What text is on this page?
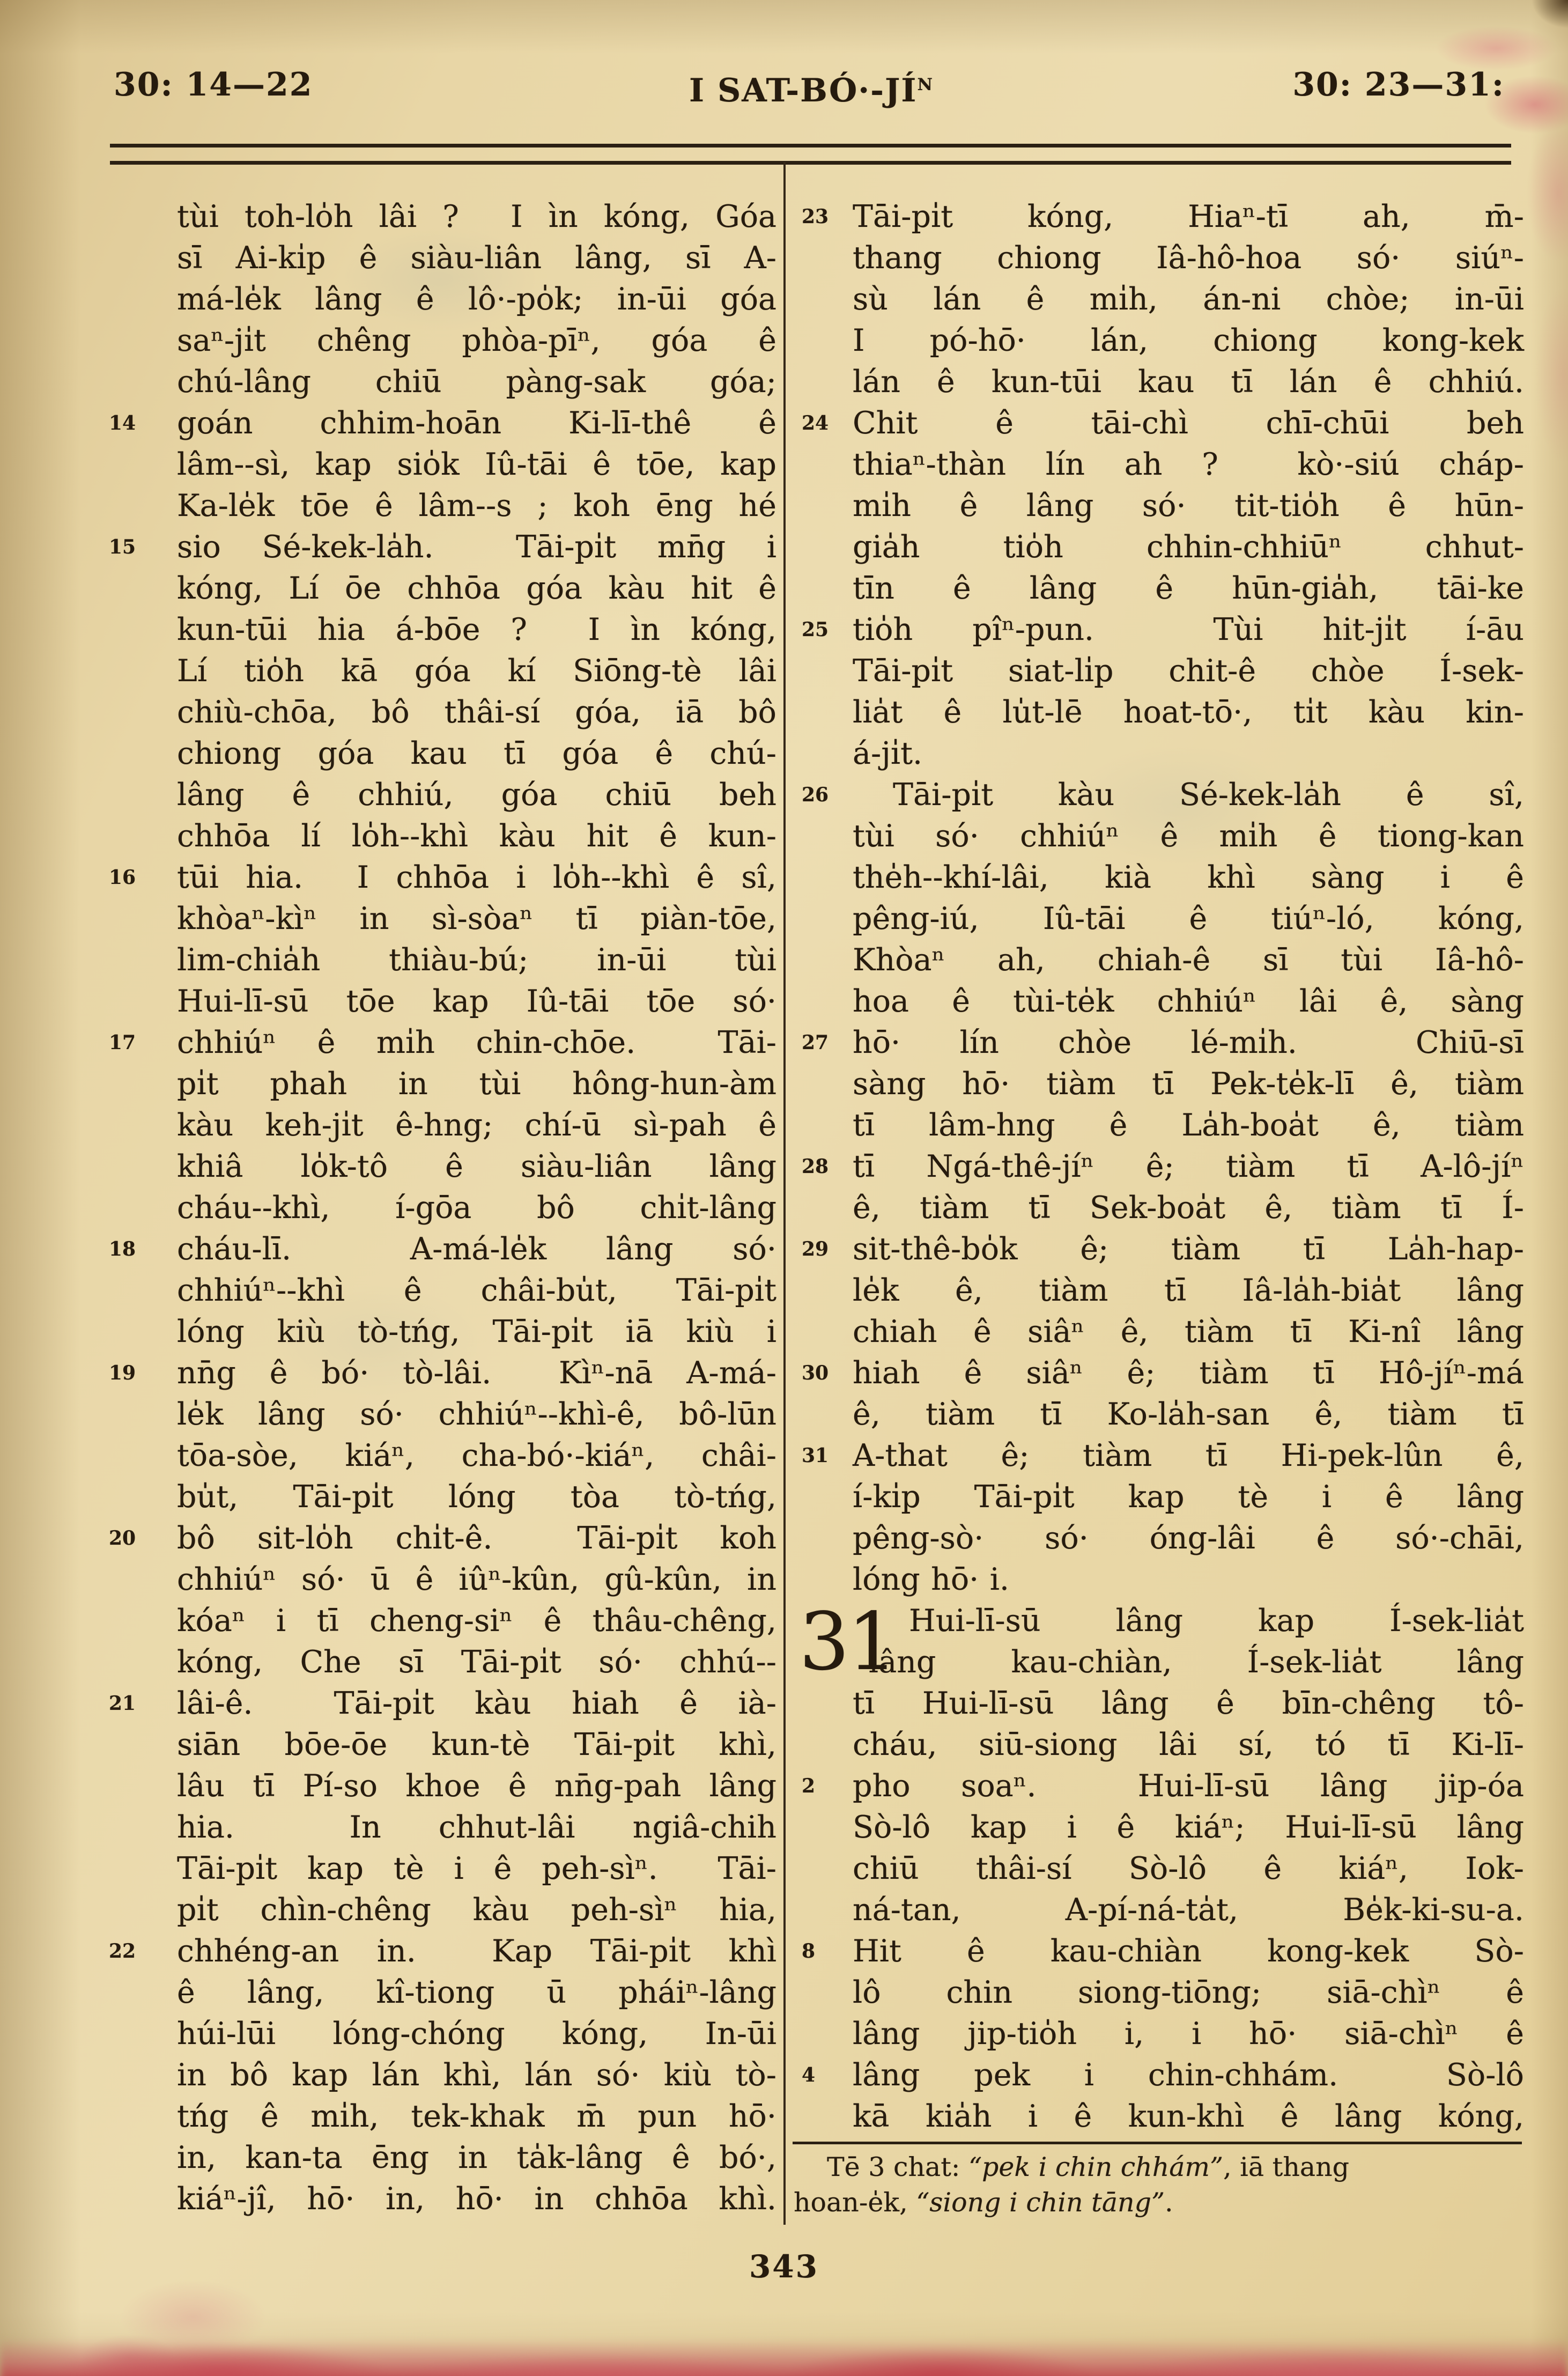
30: 14—22	I SAT-$BÓ\cdot-JÍ^N$	30: 23—31:
tùi toh-lo̍h lâi ?  I ìn kóng, Góa
sī Ai-ki̍p ê siàu-liân lâng, sī A-
má-le̍k lâng ê lô·-po̍k; in-ūi góa
saⁿ-ji̍t chêng phòa-pīⁿ, góa ê
chú-lâng chiū pàng-sak góa;
14 goán chhim-hoān Ki-lī-thê ê
lâm--sì, kap sio̍k Iû-tāi ê tōe, kap
Ka-le̍k tōe ê lâm--s ; koh ēng hé
15 sio Sé-kek-la̍h.  Tāi-pi̍t mn̄g i
kóng, Lí ōe chhōa góa kàu hit ê
kun-tūi hia á-bōe ?  I ìn kóng,
Lí tio̍h kā góa kí Siōng-tè lâi
chiù-chōa, bô thâi-sí góa, iā bô
chiong góa kau tī góa ê chú-
lâng ê chhiú, góa chiū beh
chhōa lí lo̍h--khì kàu hit ê kun-
16 tūi hia.  I chhōa i lo̍h--khì ê sî,
khòaⁿ-kìⁿ in sì-sòaⁿ tī piàn-tōe,
lim-chia̍h thiàu-bú; in-ūi tùi
Hui-lī-sū tōe kap Iû-tāi tōe só·
17 chhiúⁿ ê mi̍h chin-chōe.  Tāi-
pi̍t phah in tùi hông-hun-àm
kàu keh-ji̍t ê-hng; chí-ū sì-pah ê
khiâ lo̍k-tô ê siàu-liân lâng
cháu--khì, í-gōa bô chi̍t-lâng
18 cháu-lī.  A-má-le̍k lâng só·
chhiúⁿ--khì ê châi-bu̍t, Tāi-pi̍t
lóng kiù tò-tńg, Tāi-pi̍t iā kiù i
19 nn̄g ê bó· tò-lâi.  Kìⁿ-nā A-má-
le̍k lâng só· chhiúⁿ--khì-ê, bô-lūn
tōa-sòe, kiáⁿ, cha-bó·-kiáⁿ, châi-
bu̍t, Tāi-pi̍t lóng tòa tò-tńg,
20 bô sit-lo̍h chi̍t-ê.  Tāi-pi̍t koh
chhiúⁿ só· ū ê iûⁿ-kûn, gû-kûn, in
kóaⁿ i tī cheng-siⁿ ê thâu-chêng,
kóng, Che sī Tāi-pi̍t só· chhú--
21 lâi-ê.  Tāi-pi̍t kàu hiah ê ià-
siān bōe-ōe kun-tè Tāi-pi̍t khì,
lâu tī Pí-so khoe ê nn̄g-pah lâng
hia.  In chhut-lâi ngiâ-chih
Tāi-pi̍t kap tè i ê peh-sìⁿ.  Tāi-
pi̍t chìn-chêng kàu peh-sìⁿ hia,
22 chhéng-an in.  Kap Tāi-pi̍t khì
ê lâng, kî-tiong ū pháiⁿ-lâng
húi-lūi lóng-chóng kóng, In-ūi
in bô kap lán khì, lán só· kiù tò-
tńg ê mi̍h, tek-khak m̄ pun hō·
in, kan-ta ēng in ta̍k-lâng ê bó·,
kiáⁿ-jî, hō· in, hō· in chhōa khì.
23 Tāi-pi̍t kóng, Hiaⁿ-tī ah, m̄-
thang chiong Iâ-hô-hoa só· siúⁿ-
sù lán ê mi̍h, án-ni chòe; in-ūi
I pó-hō· lán, chiong kong-kek
lán ê kun-tūi kau tī lán ê chhiú.
24 Chit ê tāi-chì chī-chūi beh
thiaⁿ-thàn lín ah ?  kò·-siú cháp-
mi̍h ê lâng só· tit-tio̍h ê hūn-
gia̍h tio̍h chhin-chhiūⁿ chhut-
tīn ê lâng ê hūn-gia̍h, tāi-ke
25 tio̍h pîⁿ-pun.  Tùi hit-ji̍t í-āu
Tāi-pi̍t siat-li̍p chit-ê chòe Í-sek-
lia̍t ê lu̍t-lē hoat-tō·, ti̍t kàu kin-
á-ji̍t.
26 Tāi-pi̍t kàu Sé-kek-la̍h ê sî,
tùi só· chhiúⁿ ê mi̍h ê tiong-kan
the̍h--khí-lâi, kià khì sàng i ê
pêng-iú, Iû-tāi ê tiúⁿ-ló, kóng,
Khòaⁿ ah, chiah-ê sī tùi Iâ-hô-
hoa ê tùi-te̍k chhiúⁿ lâi ê, sàng
27 hō· lín chòe lé-mi̍h.  Chiū-sī
sàng hō· tiàm tī Pek-te̍k-lī ê, tiàm
tī lâm-hng ê La̍h-boa̍t ê, tiàm
28 tī Ngá-thê-jíⁿ ê; tiàm tī A-lô-jíⁿ
ê, tiàm tī Sek-boa̍t ê, tiàm tī Í-
29 sit-thê-bo̍k ê; tiàm tī La̍h-hap-
le̍k ê, tiàm tī Iâ-la̍h-bia̍t lâng
chiah ê siâⁿ ê, tiàm tī Ki-nî lâng
30 hiah ê siâⁿ ê; tiàm tī Hô-jíⁿ-má
ê, tiàm tī Ko-la̍h-san ê, tiàm tī
31 A-that ê; tiàm tī Hi-pek-lûn ê,
í-ki̍p Tāi-pi̍t kap tè i ê lâng
pêng-sò· só· óng-lâi ê só·-chāi,
lóng hō· i.
31 Hui-lī-sū lâng kap Í-sek-lia̍t
lâng kau-chiàn, Í-sek-lia̍t lâng
tī Hui-lī-sū lâng ê bīn-chêng tô-
cháu, siū-siong lâi sí, tó tī Ki-lī-
2 pho soaⁿ.  Hui-lī-sū lâng jip-óa
Sò-lô kap i ê kiáⁿ; Hui-lī-sū lâng
chiū thâi-sí Sò-lô ê kiáⁿ, Iok-
ná-tan, A-pí-ná-ta̍t, Be̍k-ki-su-a.
8 Hit ê kau-chiàn kong-kek Sò-
lô chin siong-tiōng; siā-chìⁿ ê
lâng jip-tio̍h i, i hō· siā-chìⁿ ê
4 lâng pek i chin-chhám.  Sò-lô
kā kia̍h i ê kun-khì ê lâng kóng,
Tē 3 chat: “pek i chin chhám”, iā thang
hoan-e̍k, “siong i chin tāng”.
343
